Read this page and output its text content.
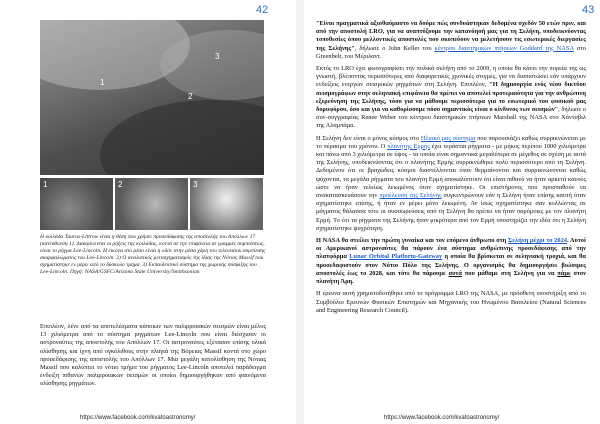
42
1
2
3
1	2	3
Η κοιλάδα Taurus-Littrow είναι η θέση που χρήσει προσεδάφισης της αποστολής του Απόλλων 17 (κατεύθυνση 1). Διακρίνονται οι ρήξεις της κοιλάδας, κοντά σε την επιφάνεια σε γραμμές συμπιέσεως, είναι το ρήγμα Lee-Lincoln. Η εικόνα στο μέσο είναι η οδόν στην μέσα χάρη του τελευταίου συμπίεσης σκαρφαλώματος του Lee-Lincoln. 2) Ο αναλυτικός μετασχηματισμός της ίδιας της Νότιας Massif που σχηματίστηκε εν μέρει από το δύσκολο τμήμα. 3) Εκπαιδευτικό σύστημα της χωρικής σύσφιξης του Lee-Lincoln. Πηγή: NASA/GSFC/Arizona State University/Smithsonian
Επιπλέον, λένε από τα αποτελέσματα κάποιων των παλιρροιακών σεισμών είναι μέλος 13 χιλιόμετρα από το σύστημα ρηγμάτων Lee-Lincoln που είναι διέσχισαν οι αστροναύτες της αποστολής του Απόλλων 17. Οι αστροναύτες εξέτασαν επίσης υλικά ολίσθησης και ίχνη από ογκόλιθους στην πλαγιά της Βόρειας Massif κοντά στο χώρο προσεδάφισης της αποστολής του Απόλλων 17. Μια μεγάλη κατολίσθηση της Νότιας Massif που καλύπτει το νότιο τμήμα του ρήγματος Lee-Lincoln αποτελεί παράδειγμα ένδειξη πιθανών παλιρροιακών σεισμών οι οποίοι δημιουργήθηκαν από φαινόμενα ολίσθησης ρηγμάτων.
https://www.facebook.com/kvatoastronomy/
43

"Είναι πραγματικά αξιοθαύμαστο να δούμε πώς συνδυάστηκαν δεδομένα σχεδόν 50 ετών πριν, και από την αποστολή LRO, για να αναπτύξουμε την κατανόησή μας για τη Σελήνη, υποδεικνύοντας τοποθεσίες όπου μελλοντικές αποστολές που σκοπεύουν να μελετήσουν τις εσωτερικές διεργασίες της Σελήνης", δήλωσε ο John Keller του κέντρου διαστημικών πτήσεων Goddard της NASA στο Greenbelt, του Μέριλαντ.

Εκτός το LRO έχει φωτογραφίσει την πολικά σελήνη από το 2009, η οποία θα κάνει την πορεία της ως γνωστή, βλέποντας περισσότερες από διαφορετικές χρονικές στιγμές, για να διαπιστώσει εάν υπάρχουν ενδείξεις ενεργών σεισμικών ρηγμάτων στη Σελήνη. Επιπλέον, "Η δημιουργία ενός νέου δικτύου σεισμογράφων στην σεληνιακή επιφάνεια θα πρέπει να αποτελεί προτεραιότητα για την ανθρώπινη εξερεύνηση της Σελήνης, τόσο για να μάθουμε περισσότερα για το εσωτερικό του φυσικού μας δορυφόρου, όσο και για να καθορίσουμε πόσο σημαντικός είναι ο κίνδυνος των σεισμών", δήλωσε ο συν-συγγραφέας Renee Weber του κέντρου διαστημικών πτήσεων Marshall της NASA στο Χάντσβιλ της Αλαμπάμα.

Η Σελήνη δεν είναι ο μόνος κόσμος στο Ηλιακό μας σύστημα που παρουσιάζει καθώς συρρικνώνεται με το πέρασμα του χρόνου. Ο πλανήτης Ερμής έχει τεράστια ρήγματα - με μήκος περίπου 1000 χιλιόμετρα και πάνω από 3 χιλιόμετρα σε ύψος - τα οποία είναι σημαντικά μεγαλύτερα σε μέγεθος σε σχέση με αυτά της Σελήνης, υποδεικνύοντας ότι ο πλανήτης Ερμής συρρικνώθηκε πολύ περισσότερο από τη Σελήνη. Δεδομένου ότι οι βραχώδεις κόσμοι διαστέλλονται όταν θερμαίνονται και συρρικνώνονται καθώς ψύχονται, τα μεγάλα ρήγματα του πλανήτη Ερμή αποκαλύπτουν ότι είναι πιθανό να ήταν αρκετά καυτός ώστε να ήταν τελείως λειωμένος όταν σχηματίστηκε. Οι επιστήμονες που προσπαθούν να ανακατασκευάσουν την προέλευση της Σελήνης συγκεντρώνουν εάν η Σελήνη ήταν επίσης καυτή όταν σχηματίστηκε επίσης, ή ήταν εν μέρει μόνο λειωμένη. Αν ίσως σχηματίστηκε σαν κολλώντας σε μάγματος θάλασσα τότε οι συσσωρεύσεις από τη Σελήνη θα πρέπει να ήταν παρόμοιες με τον πλανήτη Ερμή. Το ότι τα ρήγματα της Σελήνης ήταν μικρότερα από τον Ερμή υποστηρίζει την ιδέα ότι η Σελήνη σχηματίστηκε ψυχρότερη.

Η NASA θα στείλει την πρώτη γυναίκα και τον επόμενο άνθρωπο στη Σελήνη μέχρι το 2024. Αυτοί οι Αμερικανοί αστροναύτες θα πάρουν ένα σύστημα ανθρώπινης προσεδάφισης από την πλατφόρμα Lunar Orbital Platform-Gateway η οποία θα βρίσκεται σε σεληνιακή τροχιά, και θα προσεδαφιστούν στον Νότιο Πόλο της Σελήνης. Ο οργανισμός θα δημιουργήσει βιώσιμες αποστολές έως το 2028, και τότε θα πάρουμε αυτά που μάθαμε στη Σελήνη για να πάμε στον πλανήτη Άρη.

Η έρευνα αυτή χρηματοδοτήθηκε από το πρόγραμμα LRO της NASA, με πρόσθετη υποστήριξη από το Συμβούλιο Ερευνών Φυσικών Επιστημών και Μηχανικής του Ηνωμένου Βασιλείου (Natural Sciences and Engineering Research Council).

https://www.facebook.com/kvatoastronomy/
